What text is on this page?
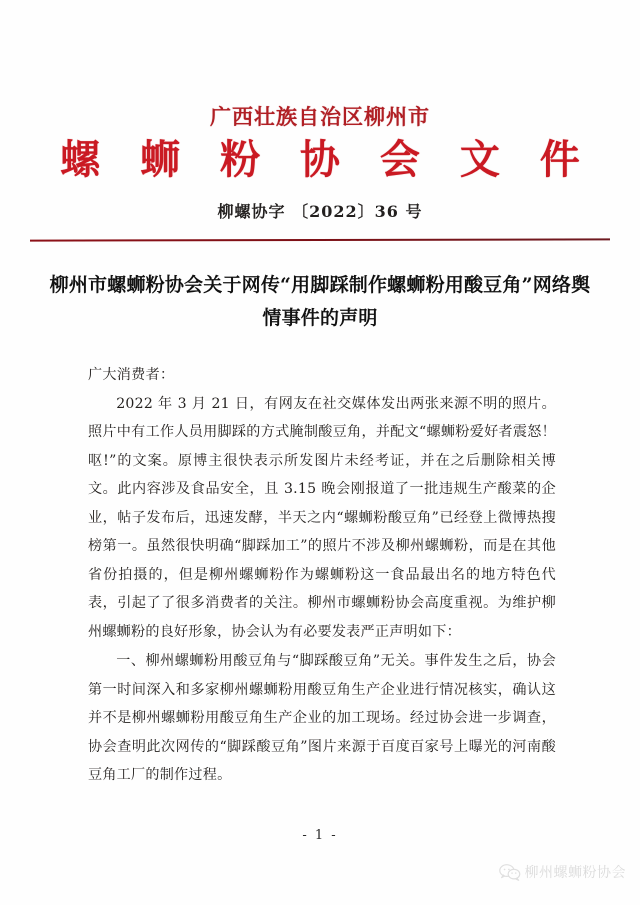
广西壮族自治区柳州市
螺 蛳 粉 协 会 文 件
柳螺协字 〔2022〕36 号
柳州市螺蛳粉协会关于网传“用脚踩制作螺蛳粉用酸豆角”网络舆情事件的声明

广大消费者：

2022 年 3 月 21 日，有网友在社交媒体发出两张来源不明的照片。照片中有工作人员用脚踩的方式腌制酸豆角，并配文“螺蛳粉爱好者震怒！呕!”的文案。原博主很快表示所发图片未经考证，并在之后删除相关博文。此内容涉及食品安全，且 3.15 晚会刚报道了一批违规生产酸菜的企业，帖子发布后，迅速发酵，半天之内“螺蛳粉酸豆角”已经登上微博热搜榜第一。虽然很快明确“脚踩加工”的照片不涉及柳州螺蛳粉，而是在其他省份拍摄的，但是柳州螺蛳粉作为螺蛳粉这一食品最出名的地方特色代表，引起了了很多消费者的关注。柳州市螺蛳粉协会高度重视。为维护柳州螺蛳粉的良好形象，协会认为有必要发表严正声明如下：

一、柳州螺蛳粉用酸豆角与“脚踩酸豆角”无关。事件发生之后，协会第一时间深入和多家柳州螺蛳粉用酸豆角生产企业进行情况核实，确认这并不是柳州螺蛳粉用酸豆角生产企业的加工现场。经过协会进一步调查，协会查明此次网传的“脚踩酸豆角”图片来源于百度百家号上曝光的河南酸豆角工厂的制作过程。

- 1 -
柳州螺蛳粉协会
